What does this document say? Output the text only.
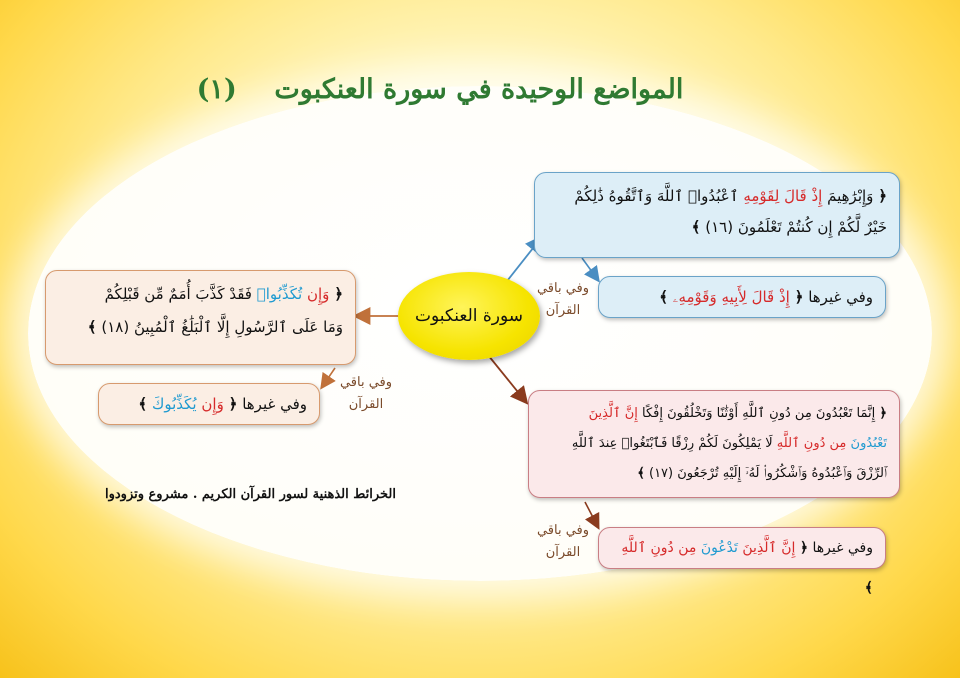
المواضع الوحيدة في سورة العنكبوت    (١)
سورة العنكبوت

﴿ وَإِبْرَٰهِيمَ إِذْ قَالَ لِقَوْمِهِ ٱعْبُدُوا۟ ٱللَّهَ وَٱتَّقُوهُ ذَٰلِكُمْ

خَيْرٌ لَّكُمْ إِن كُنتُمْ تَعْلَمُونَ (١٦) ﴾

وفي غيرها ﴿ إِذْ قَالَ لِأَبِيهِ وَقَوْمِهِۦ ﴾

وفي باقي
القرآن

﴿ وَإِن تُكَذِّبُوا۟ فَقَدْ كَذَّبَ أُمَمٌ مِّن قَبْلِكُمْ

وَمَا عَلَى ٱلرَّسُولِ إِلَّا ٱلْبَلَٰغُ ٱلْمُبِينُ (١٨) ﴾

وفي غيرها ﴿ وَإِن يُكَذِّبُوكَ ﴾

وفي باقي
القرآن

﴿ إِنَّمَا تَعْبُدُونَ مِن دُونِ ٱللَّهِ أَوْثَٰنًا وَتَخْلُقُونَ إِفْكًا إِنَّ ٱلَّذِينَ

تَعْبُدُونَ مِن دُونِ ٱللَّهِ لَا يَمْلِكُونَ لَكُمْ رِزْقًا فَٱبْتَغُوا۟ عِندَ ٱللَّهِ

ٱلرِّزْقَ وَٱعْبُدُوهُ وَٱشْكُرُوا۟ لَهُۥٓ إِلَيْهِ تُرْجَعُونَ (١٧) ﴾

وفي غيرها ﴿ إِنَّ ٱلَّذِينَ تَدْعُونَ مِن دُونِ ٱللَّهِ ﴾

وفي باقي
القرآن
الخرائط الذهنية لسور القرآن الكريم . مشروع وتزودوا
